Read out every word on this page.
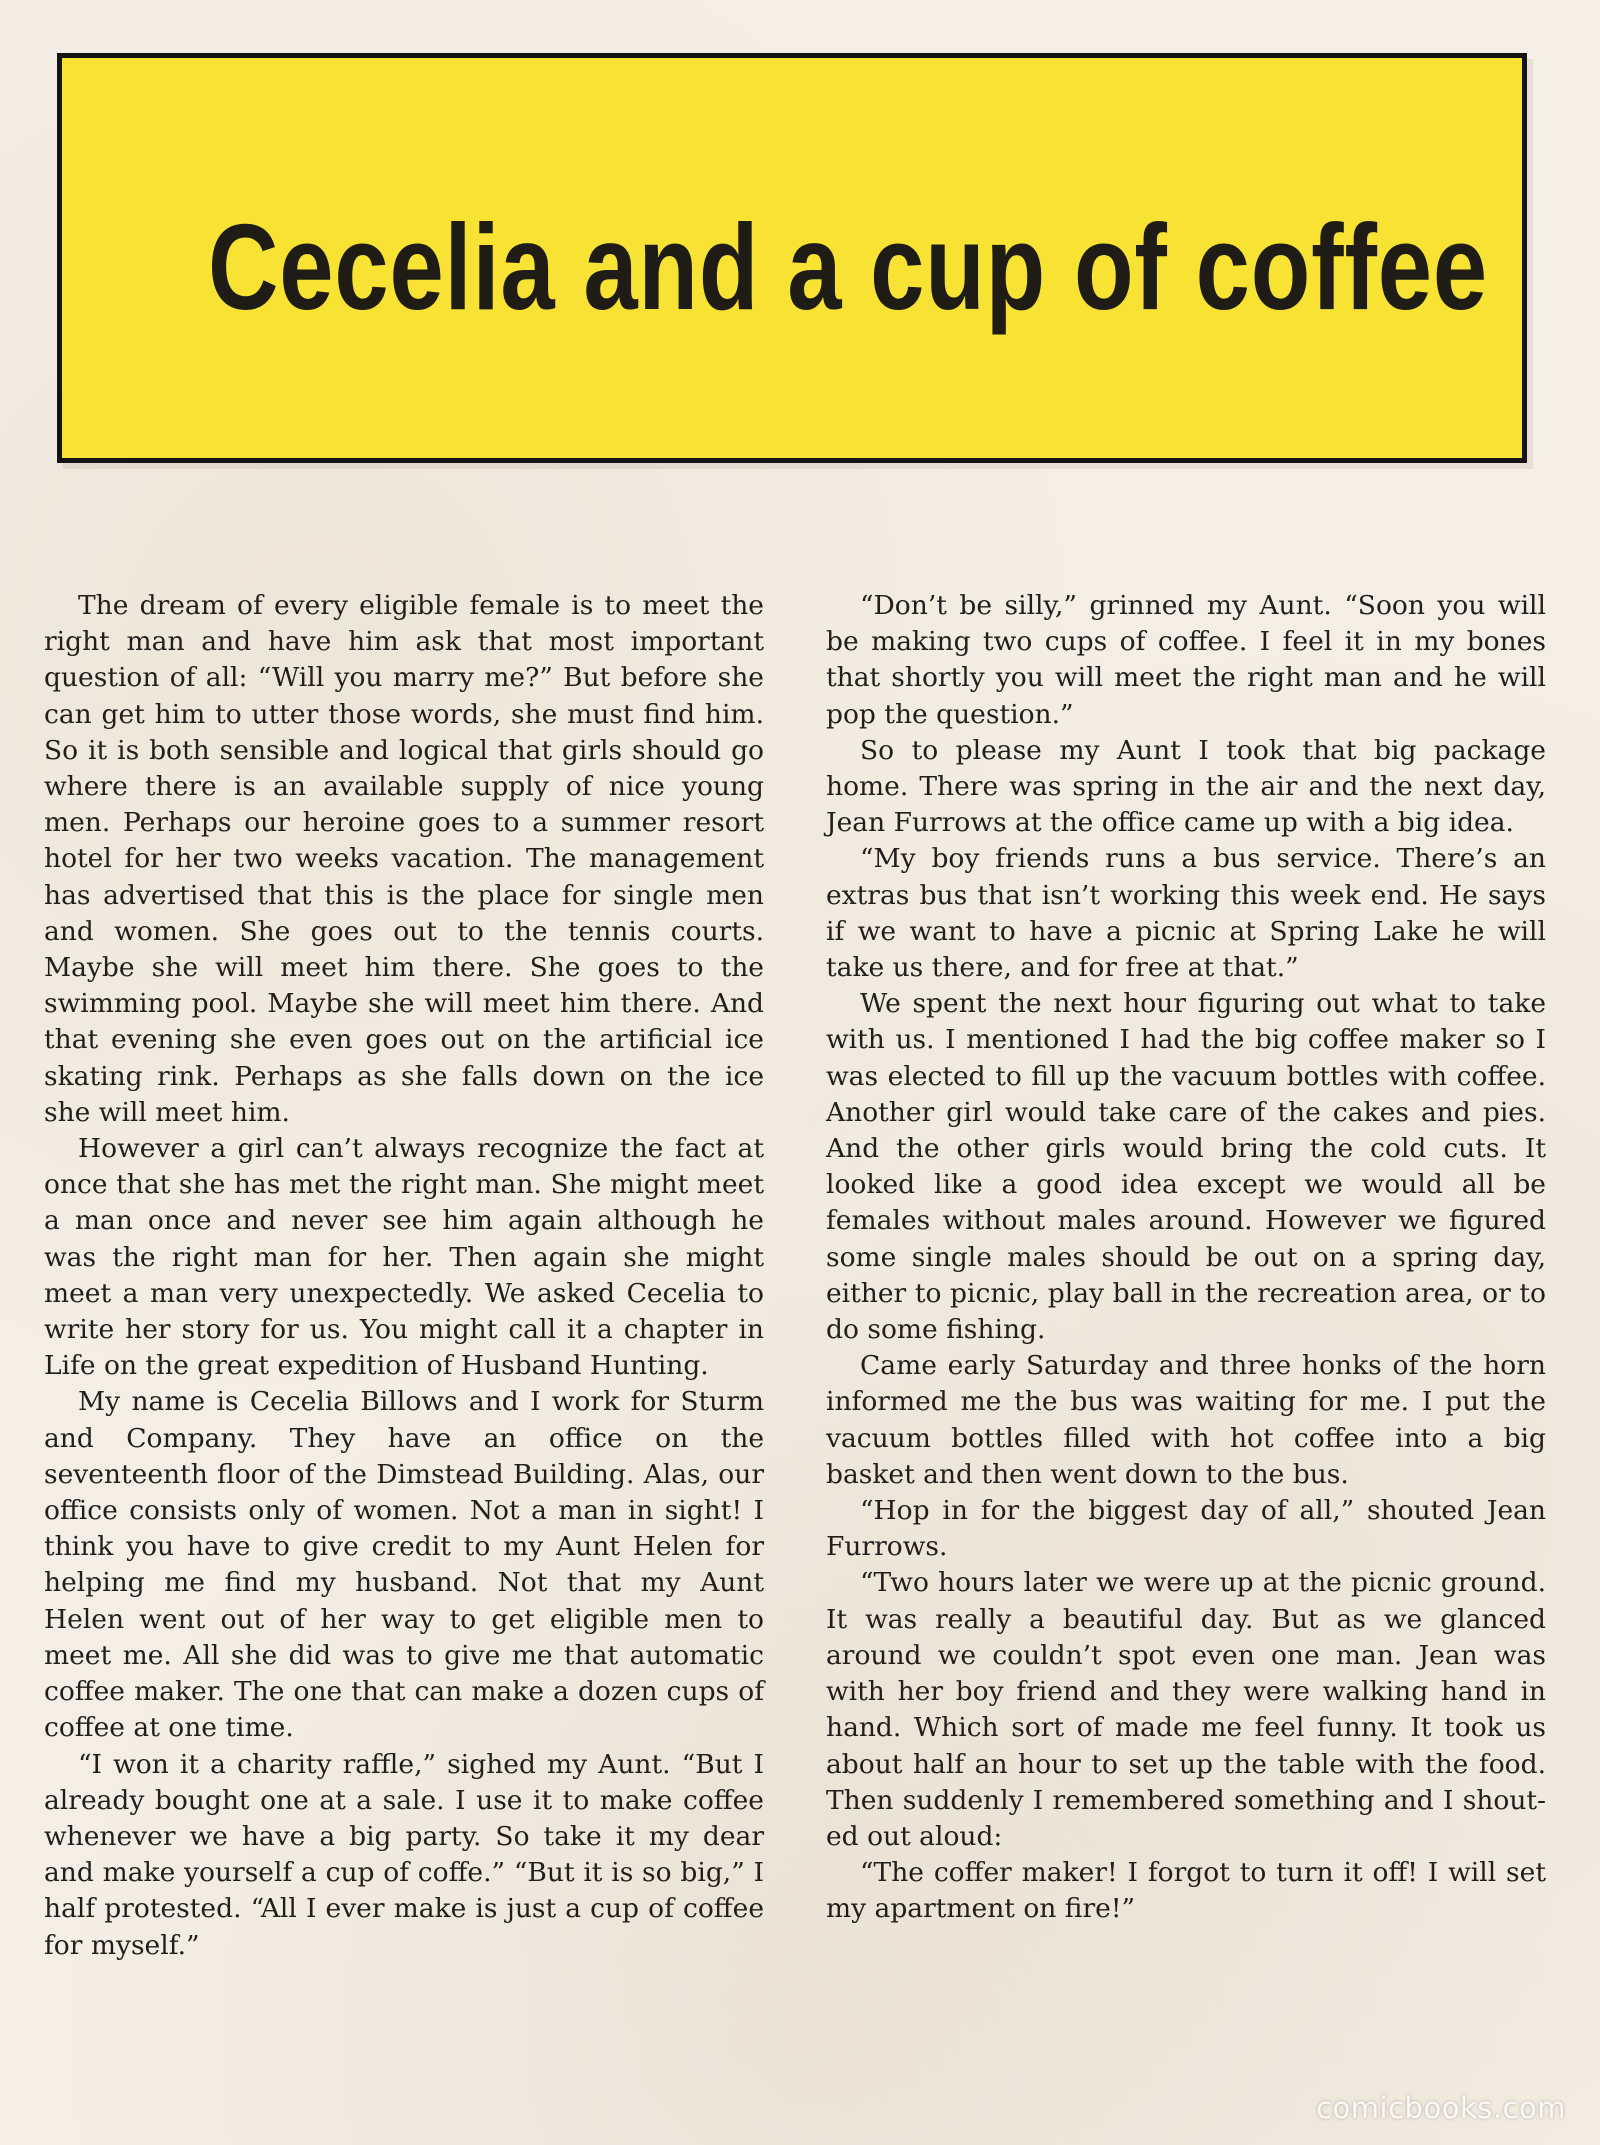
Cecelia and a cup of coffee

The dream of every eligible female is to meet the right man and have him ask that most important question of all: “Will you marry me?” But before she can get him to utter those words, she must find him. So it is both sensible and logical that girls should go where there is an available supply of nice young men. Perhaps our heroine goes to a summer resort hotel for her two weeks vacation. The management has advertised that this is the place for single men and women. She goes out to the tennis courts. Maybe she will meet him there. She goes to the swimming pool. Maybe she will meet him there. And that evening she even goes out on the artificial ice skating rink. Perhaps as she falls down on the ice she will meet him.

However a girl can’t always recognize the fact at once that she has met the right man. She might meet a man once and never see him again although he was the right man for her. Then again she might meet a man very unexpectedly. We asked Cecelia to write her story for us. You might call it a chapter in Life on the great expedition of Husband Hunting.

My name is Cecelia Billows and I work for Sturm and Company. They have an office on the seventeenth floor of the Dimstead Building. Alas, our office consists only of women. Not a man in sight! I think you have to give credit to my Aunt Helen for helping me find my husband. Not that my Aunt Helen went out of her way to get eligible men to meet me. All she did was to give me that automatic coffee maker. The one that can make a dozen cups of coffee at one time.

“I won it a charity raffle,” sighed my Aunt. “But I already bought one at a sale. I use it to make coffee whenever we have a big party. So take it my dear and make yourself a cup of coffe.” “But it is so big,” I half protested. “All I ever make is just a cup of coffee for myself.”

“Don’t be silly,” grinned my Aunt. “Soon you will be making two cups of coffee. I feel it in my bones that shortly you will meet the right man and he will pop the question.”

So to please my Aunt I took that big package home. There was spring in the air and the next day, Jean Furrows at the office came up with a big idea.

“My boy friends runs a bus service. There’s an extras bus that isn’t working this week end. He says if we want to have a picnic at Spring Lake he will take us there, and for free at that.”

We spent the next hour figuring out what to take with us. I mentioned I had the big coffee maker so I was elected to fill up the vacuum bottles with coffee. Another girl would take care of the cakes and pies. And the other girls would bring the cold cuts. It looked like a good idea except we would all be females without males around. However we figured some single males should be out on a spring day, either to picnic, play ball in the recreation area, or to do some fishing.

Came early Saturday and three honks of the horn informed me the bus was waiting for me. I put the vacuum bottles filled with hot coffee into a big basket and then went down to the bus.

“Hop in for the biggest day of all,” shouted Jean Furrows.

“Two hours later we were up at the picnic ground. It was really a beautiful day. But as we glanced around we couldn’t spot even one man. Jean was with her boy friend and they were walking hand in hand. Which sort of made me feel funny. It took us about half an hour to set up the table with the food. Then suddenly I remembered something and I shouted out aloud:

“The coffer maker! I forgot to turn it off! I will set my apartment on fire!”

comicbooks.com
